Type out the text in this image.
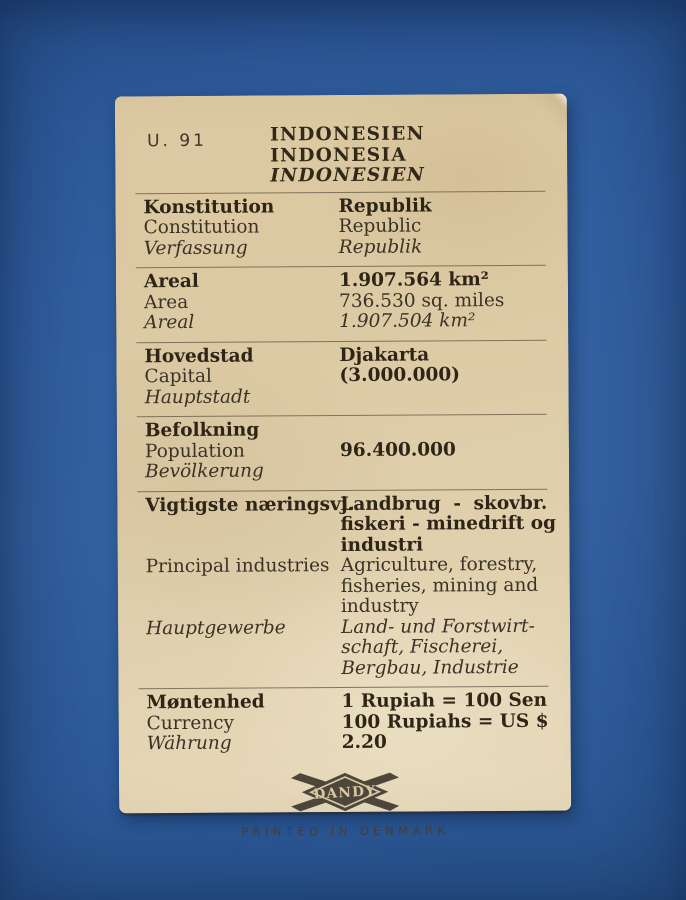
U. 91	INDONESIEN
INDONESIA
INDONESIEN
Konstitution
Constitution
Verfassung
Republik
Republic
Republik
Areal
Area
Areal
1.907.564 km²
736.530 sq. miles
1.907.504 km²
Hovedstad
Capital
Hauptstadt
Djakarta
(3.000.000)
Befolkning
Population
Bevölkerung
96.400.000
Vigtigste næringsvj.
Principal industries
Hauptgewerbe
Landbrug - skovbr.
fiskeri - minedrift og
industri
Agriculture, forestry,
fisheries, mining and
industry
Land- und Forstwirt-
schaft, Fischerei,
Bergbau, Industrie
Møntenhed
Currency
Währung
1 Rupiah = 100 Sen
100 Rupiahs = US $
2.20
DANDY
PRINTED IN DENMARK
